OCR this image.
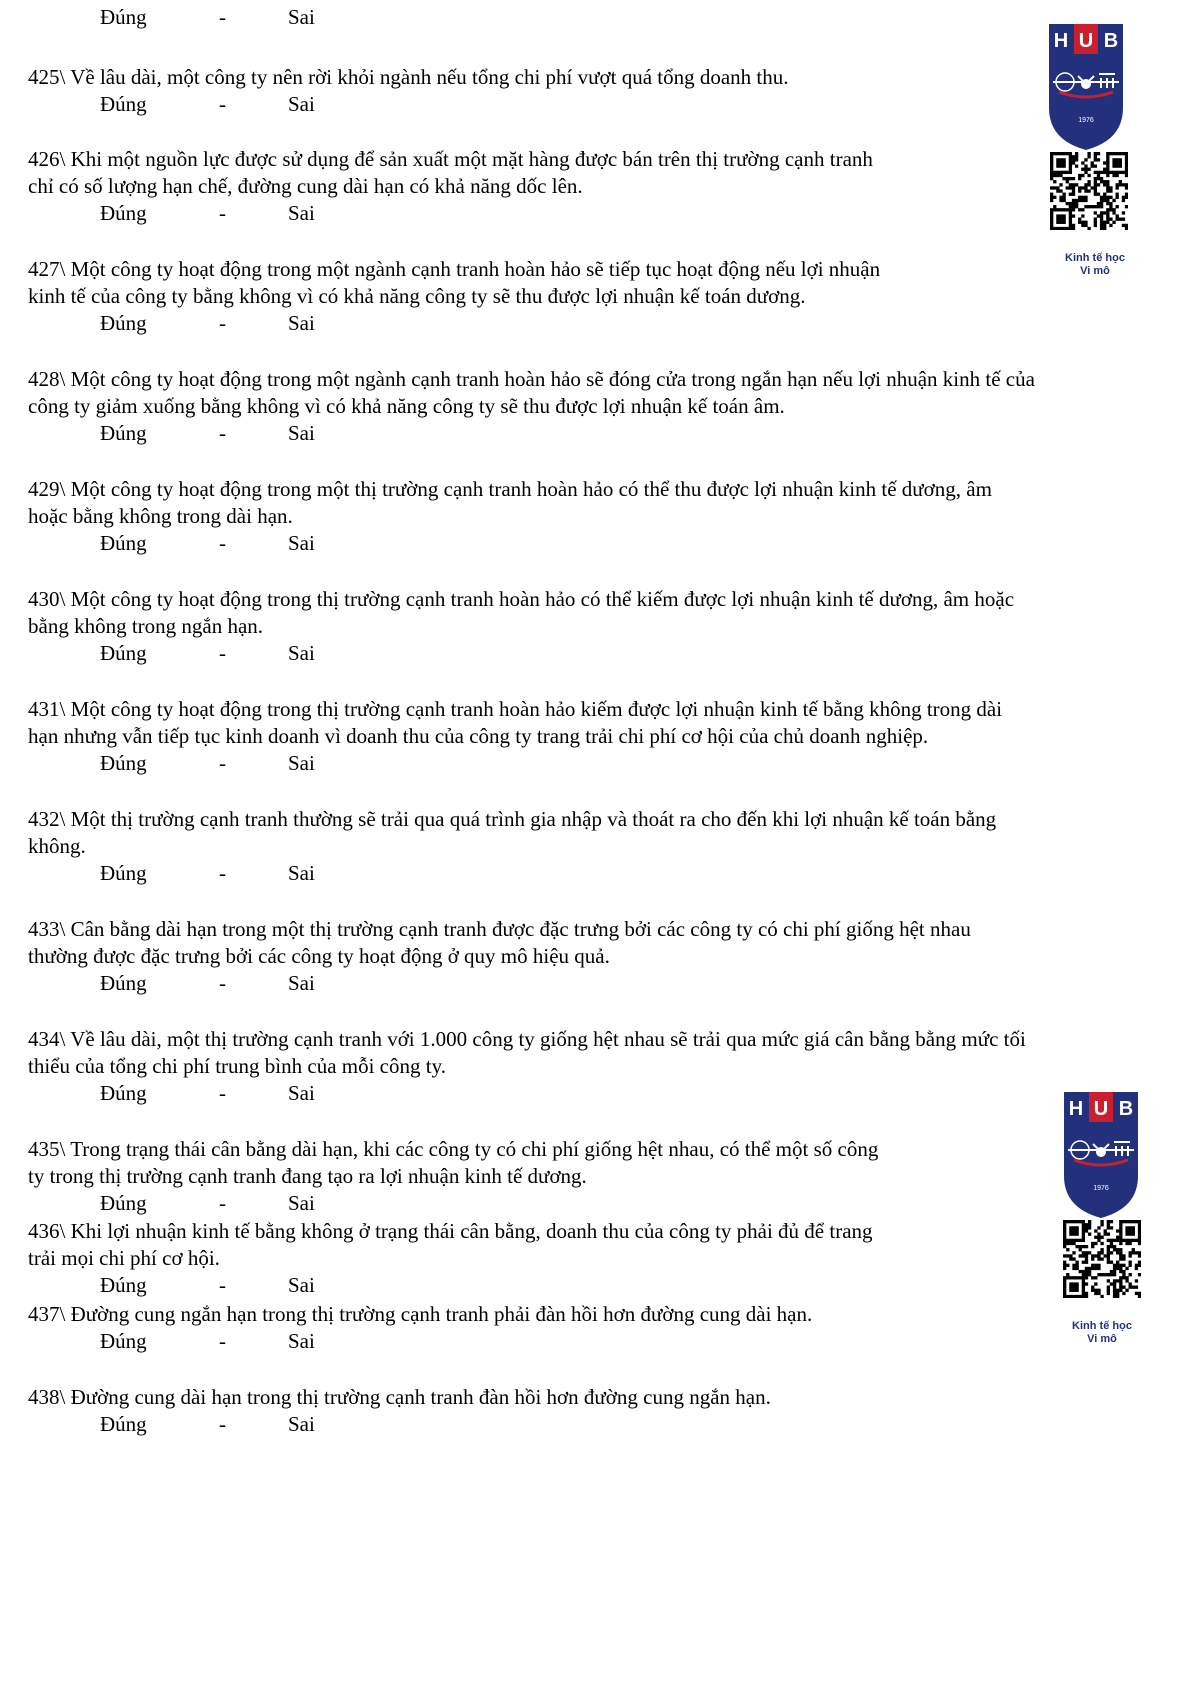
Đúng	-	Sai
425\ Về lâu dài, một công ty nên rời khỏi ngành nếu tổng chi phí vượt quá tổng doanh thu.
Đúng	-	Sai
426\ Khi một nguồn lực được sử dụng để sản xuất một mặt hàng được bán trên thị trường cạnh tranh
chỉ có số lượng hạn chế, đường cung dài hạn có khả năng dốc lên.
Đúng	-	Sai
427\ Một công ty hoạt động trong một ngành cạnh tranh hoàn hảo sẽ tiếp tục hoạt động nếu lợi nhuận
kinh tế của công ty bằng không vì có khả năng công ty sẽ thu được lợi nhuận kế toán dương.
Đúng	-	Sai
428\ Một công ty hoạt động trong một ngành cạnh tranh hoàn hảo sẽ đóng cửa trong ngắn hạn nếu lợi nhuận kinh tế của
công ty giảm xuống bằng không vì có khả năng công ty sẽ thu được lợi nhuận kế toán âm.
Đúng	-	Sai
429\ Một công ty hoạt động trong một thị trường cạnh tranh hoàn hảo có thể thu được lợi nhuận kinh tế dương, âm
hoặc bằng không trong dài hạn.
Đúng	-	Sai
430\ Một công ty hoạt động trong thị trường cạnh tranh hoàn hảo có thể kiếm được lợi nhuận kinh tế dương, âm hoặc
bằng không trong ngắn hạn.
Đúng	-	Sai
431\ Một công ty hoạt động trong thị trường cạnh tranh hoàn hảo kiếm được lợi nhuận kinh tế bằng không trong dài
hạn nhưng vẫn tiếp tục kinh doanh vì doanh thu của công ty trang trải chi phí cơ hội của chủ doanh nghiệp.
Đúng	-	Sai
432\ Một thị trường cạnh tranh thường sẽ trải qua quá trình gia nhập và thoát ra cho đến khi lợi nhuận kế toán bằng
không.
Đúng	-	Sai
433\ Cân bằng dài hạn trong một thị trường cạnh tranh được đặc trưng bởi các công ty có chi phí giống hệt nhau
thường được đặc trưng bởi các công ty hoạt động ở quy mô hiệu quả.
Đúng	-	Sai
434\ Về lâu dài, một thị trường cạnh tranh với 1.000 công ty giống hệt nhau sẽ trải qua mức giá cân bằng bằng mức tối
thiểu của tổng chi phí trung bình của mỗi công ty.
Đúng	-	Sai
435\ Trong trạng thái cân bằng dài hạn, khi các công ty có chi phí giống hệt nhau, có thể một số công
ty trong thị trường cạnh tranh đang tạo ra lợi nhuận kinh tế dương.
Đúng	-	Sai
436\ Khi lợi nhuận kinh tế bằng không ở trạng thái cân bằng, doanh thu của công ty phải đủ để trang
trải mọi chi phí cơ hội.
Đúng	-	Sai
437\ Đường cung ngắn hạn trong thị trường cạnh tranh phải đàn hồi hơn đường cung dài hạn.
Đúng	-	Sai
438\ Đường cung dài hạn trong thị trường cạnh tranh đàn hồi hơn đường cung ngắn hạn.
Đúng	-	Sai
H U B
1976
Kinh tế học
Vi mô
H U B
1976
Kinh tế học
Vi mô
